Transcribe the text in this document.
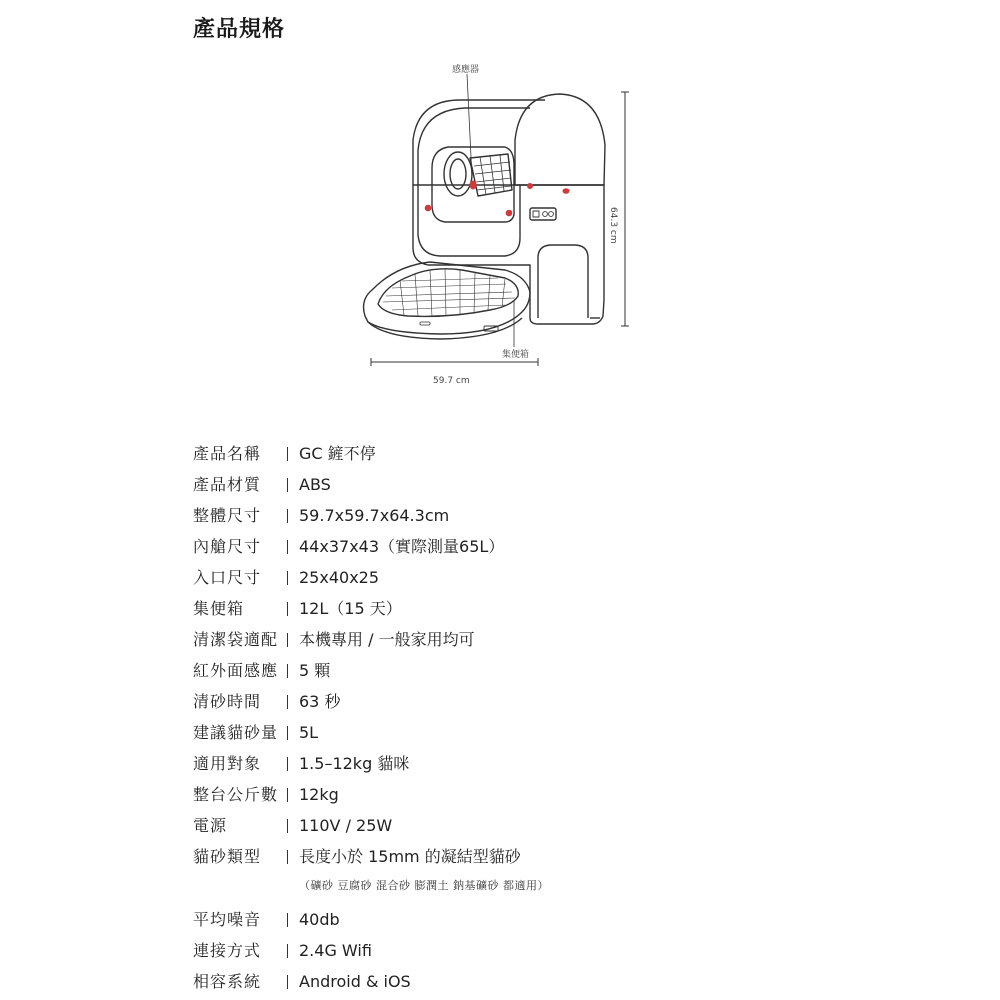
產品規格
感應器
集便箱
59.7 cm
64.3 cm
產品名稱 GC 鏟不停
產品材質 ABS
整體尺寸 59.7x59.7x64.3cm
內艙尺寸 44x37x43（實際測量65L）
入口尺寸 25x40x25
集便箱	12L（15 天）
清潔袋適配 本機專用 / 一般家用均可
紅外面感應 5 顆
清砂時間 63 秒
建議貓砂量 5L
適用對象 1.5–12kg 貓咪
整台公斤數 12kg
電源	110V / 25W
貓砂類型 長度小於 15mm 的凝結型貓砂
平均噪音 40db
連接方式 2.4G Wifi
相容系統 Android & iOS
（礦砂 豆腐砂 混合砂 膨潤土 鈉基礦砂 都適用）
